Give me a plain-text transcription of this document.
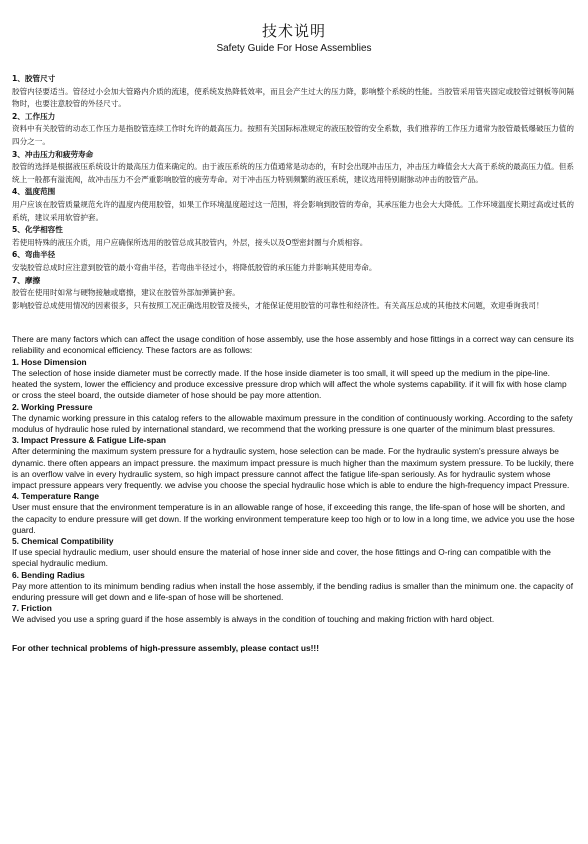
技术说明
Safety Guide For Hose Assemblies
1、胶管尺寸

胶管内径要适当。管径过小会加大管路内介质的流速，使系统发热降低效率，而且会产生过大的压力降，影响整个系统的性能。当胶管采用管夹固定或胶管过钢板等间隔物时，也要注意胶管的外径尺寸。

2、工作压力

资料中有关胶管的动态工作压力是指胶管连续工作时允许的最高压力。按照有关国际标准规定的液压胶管的安全系数，我们推荐的工作压力通常为胶管最低爆破压力值的四分之一。

3、冲击压力和疲劳寿命

胶管的选择是根据液压系统设计的最高压力值来确定的。由于液压系统的压力值通常是动态的，有时会出现冲击压力，冲击压力峰值会大大高于系统的最高压力值。但系统上一般都有溢流阀，故冲击压力不会严重影响胶管的疲劳寿命。对于冲击压力特别频繁的液压系统，建议选用特别耐脉动冲击的胶管产品。

4、温度范围

用户应该在胶管质量规范允许的温度内使用胶管，如果工作环境温度超过这一范围，将会影响到胶管的寿命，其承压能力也会大大降低。工作环境温度长期过高或过低的系统，建议采用软管护套。

5、化学相容性

若使用特殊的液压介质，用户应确保所选用的胶管总成其胶管内，外层，接头以及O型密封圈与介质相容。

6、弯曲半径

安装胶管总成时应注意到胶管的最小弯曲半径，若弯曲半径过小，将降低胶管的承压能力并影响其使用寿命。

7、摩擦

胶管在使用时如常与硬物接触或磨擦，建议在胶管外部加弹簧护套。

影响胶管总成使用情况的因素很多，只有按照工况正确选用胶管及接头，才能保证使用胶管的可靠性和经济性。有关高压总成的其他技术问题，欢迎垂询我司！

There are many factors which can affect the usage condition of hose assembly, use the hose assembly and hose fittings in a correct way can censure its reliability and economical efficiency. These factors are as follows:

1. Hose Dimension

The selection of hose inside diameter must be correctly made. If the hose inside diameter is too small, it will speed up the medium in the pipe-line. heated the system, lower the efficiency and produce excessive pressure drop which will affect the whole systems capability. if it will fix with hose clamp or cross the steel board, the outside diameter of hose should be pay more attention.

2. Working Pressure

The dynamic working pressure in this catalog refers to the allowable maximum pressure in the condition of continuously working. According to the safety modulus of hydraulic hose ruled by international standard, we recommend that the working pressure is one quarter of the minimum blast pressures.

3. Impact Pressure & Fatigue Life-span

After determining the maximum system pressure for a hydraulic system, hose selection can be made. For the hydraulic system's pressure always be dynamic. there often appears an impact pressure. the maximum impact pressure is much higher than the maximum system pressure. To be luckily, there is an overflow valve in every hydraulic system, so high impact pressure cannot affect the fatigue life-span seriously. As for hydraulic system whose impact pressure appears very frequently. we advise you choose the special hydraulic hose which is able to endure the high-frequency impact Pressure.

4. Temperature Range

User must ensure that the environment temperature is in an allowable range of hose, if exceeding this range, the life-span of hose will be shorten, and the capacity to endure pressure will get down. If the working environment temperature keep too high or to low in a long time, we advice you use the hose guard.

5. Chemical Compatibility

If use special hydraulic medium, user should ensure the material of hose inner side and cover, the hose fittings and O-ring can compatible with the special hydraulic medium.

6. Bending Radius

Pay more attention to its minimum bending radius when install the hose assembly, if the bending radius is smaller than the minimum one. the capacity of enduring pressure will get down and e life-span of hose will be shortened.

7. Friction

We advised you use a spring guard if the hose assembly is always in the condition of touching and making friction with hard object.

For other technical problems of high-pressure assembly, please contact us!!!
